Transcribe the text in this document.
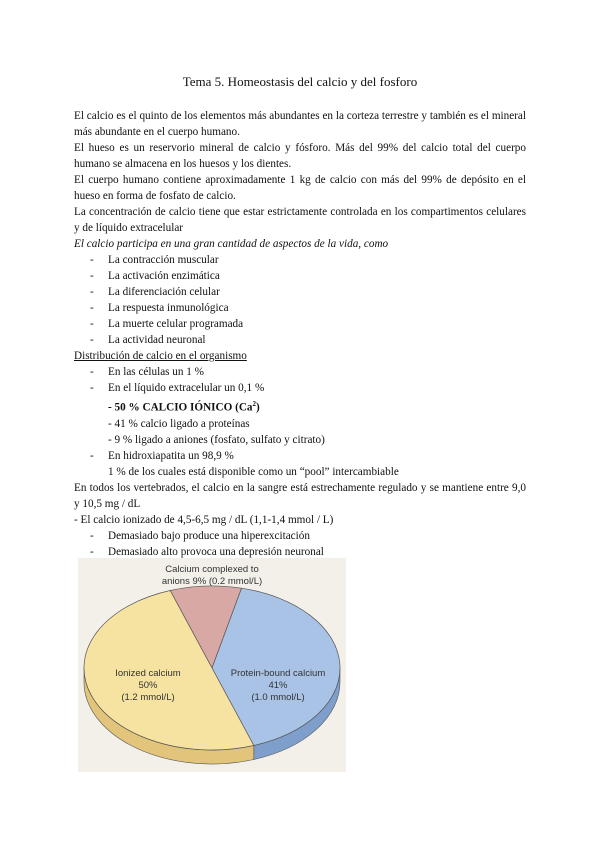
Tema 5. Homeostasis del calcio y del fosforo

El calcio es el quinto de los elementos más abundantes en la corteza terrestre y también es el mineral más abundante en el cuerpo humano.

El hueso es un reservorio mineral de calcio y fósforo. Más del 99% del calcio total del cuerpo humano se almacena en los huesos y los dientes.

El cuerpo humano contiene aproximadamente 1 kg de calcio con más del 99% de depósito en el hueso en forma de fosfato de calcio.

La concentración de calcio tiene que estar estrictamente controlada en los compartimentos celulares y de líquido extracelular

El calcio participa en una gran cantidad de aspectos de la vida, como

- La contracción muscular
- La activación enzimática
- La diferenciación celular
- La respuesta inmunológica
- La muerte celular programada
- La actividad neuronal

Distribución de calcio en el organismo

- En las células un 1 %
- En el líquido extracelular un 0,1 %
- 50 % CALCIO IÓNICO (Ca$^2$)
- 41 % calcio ligado a proteínas
- 9 % ligado a aniones (fosfato, sulfato y citrato)
- En hidroxiapatita un 98,9 %
1 % de los cuales está disponible como un “pool” intercambiable

En todos los vertebrados, el calcio en la sangre está estrechamente regulado y se mantiene entre 9,0 y 10,5 mg / dL

- El calcio ionizado de 4,5-6,5 mg / dL (1,1-1,4 mmol / L)

- Demasiado bajo produce una hiperexcitación
- Demasiado alto provoca una depresión neuronal
Ionized calcium
50%
(1.2 mmol/L)
Protein-bound calcium
41%
(1.0 mmol/L)
Calcium complexed to
anions 9% (0.2 mmol/L)
